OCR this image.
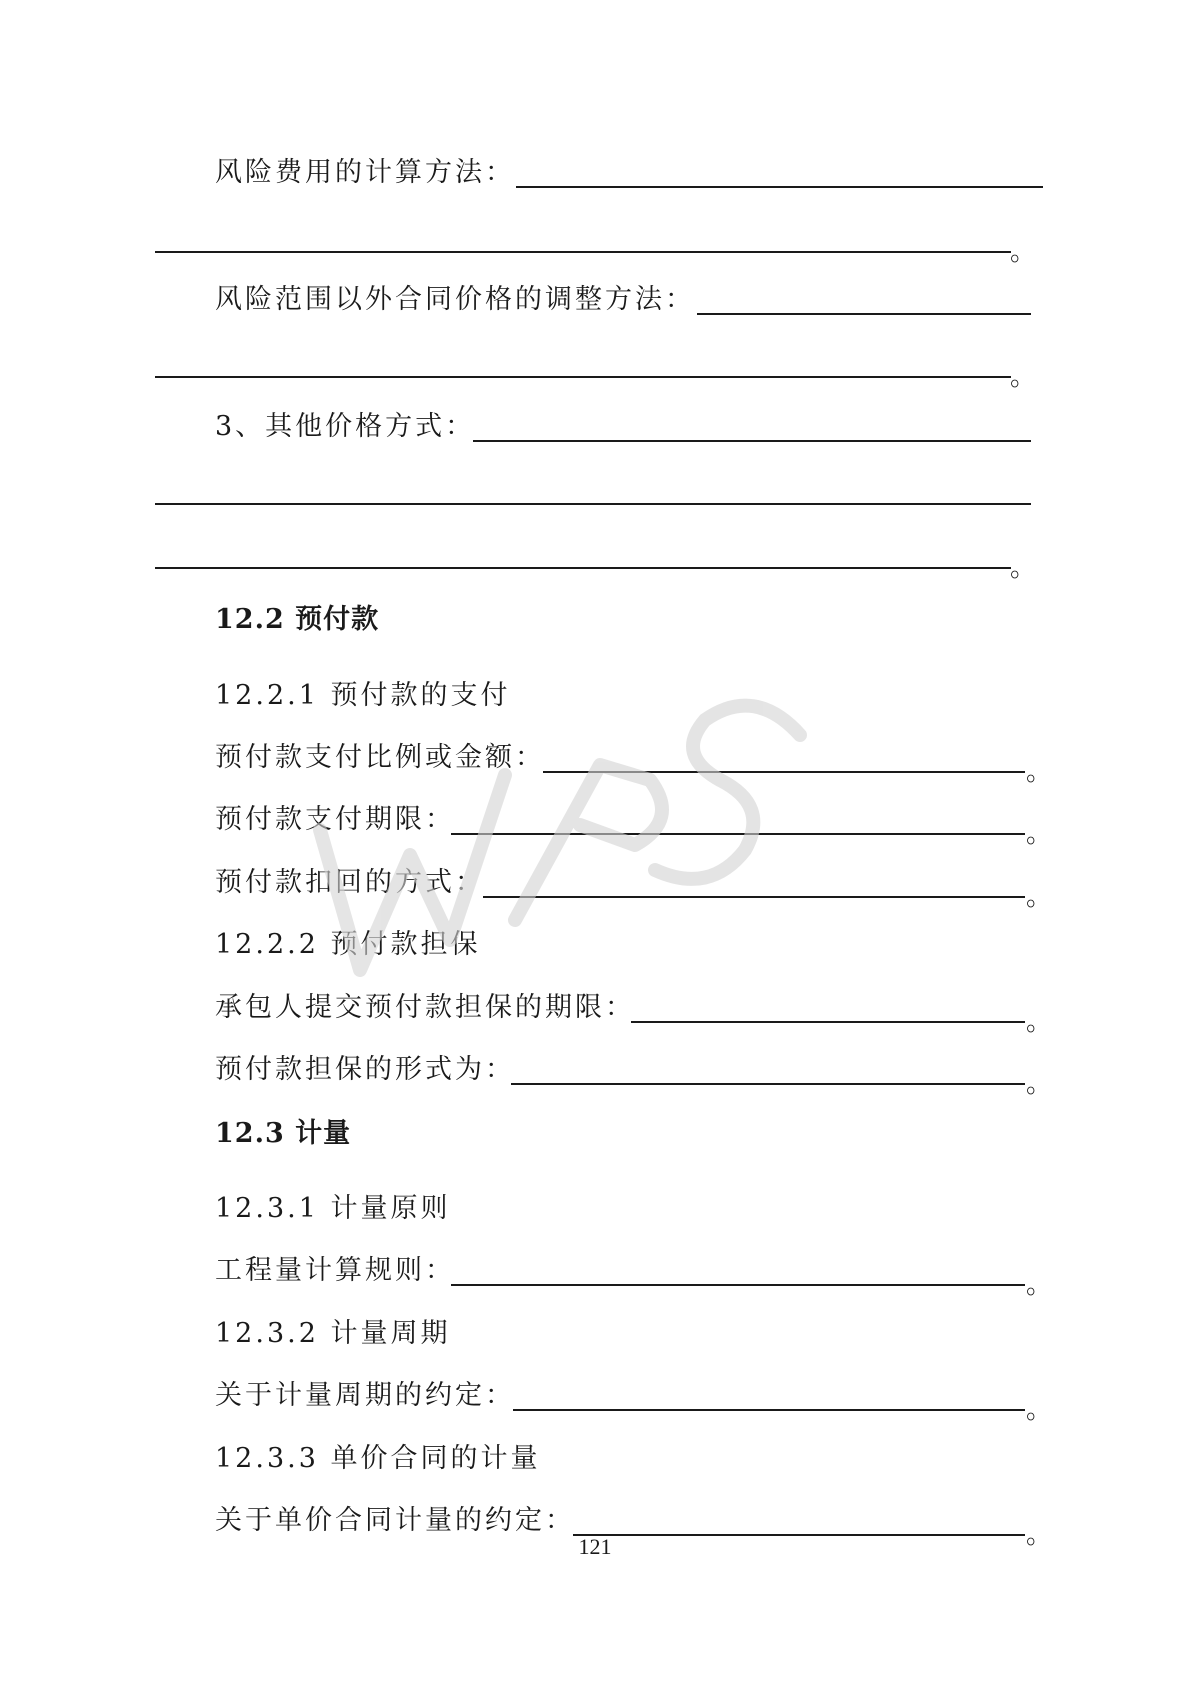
风险费用的计算方法：
。
风险范围以外合同价格的调整方法：
。
3、其他价格方式：
。
12.2 预付款
12.2.1 预付款的支付
预付款支付比例或金额：	。
预付款支付期限：	。
预付款扣回的方式：	。
12.2.2 预付款担保
承包人提交预付款担保的期限：	。
预付款担保的形式为：	。
12.3 计量
12.3.1 计量原则
工程量计算规则：	。
12.3.2 计量周期
关于计量周期的约定：	。
12.3.3 单价合同的计量
关于单价合同计量的约定：	。
121
